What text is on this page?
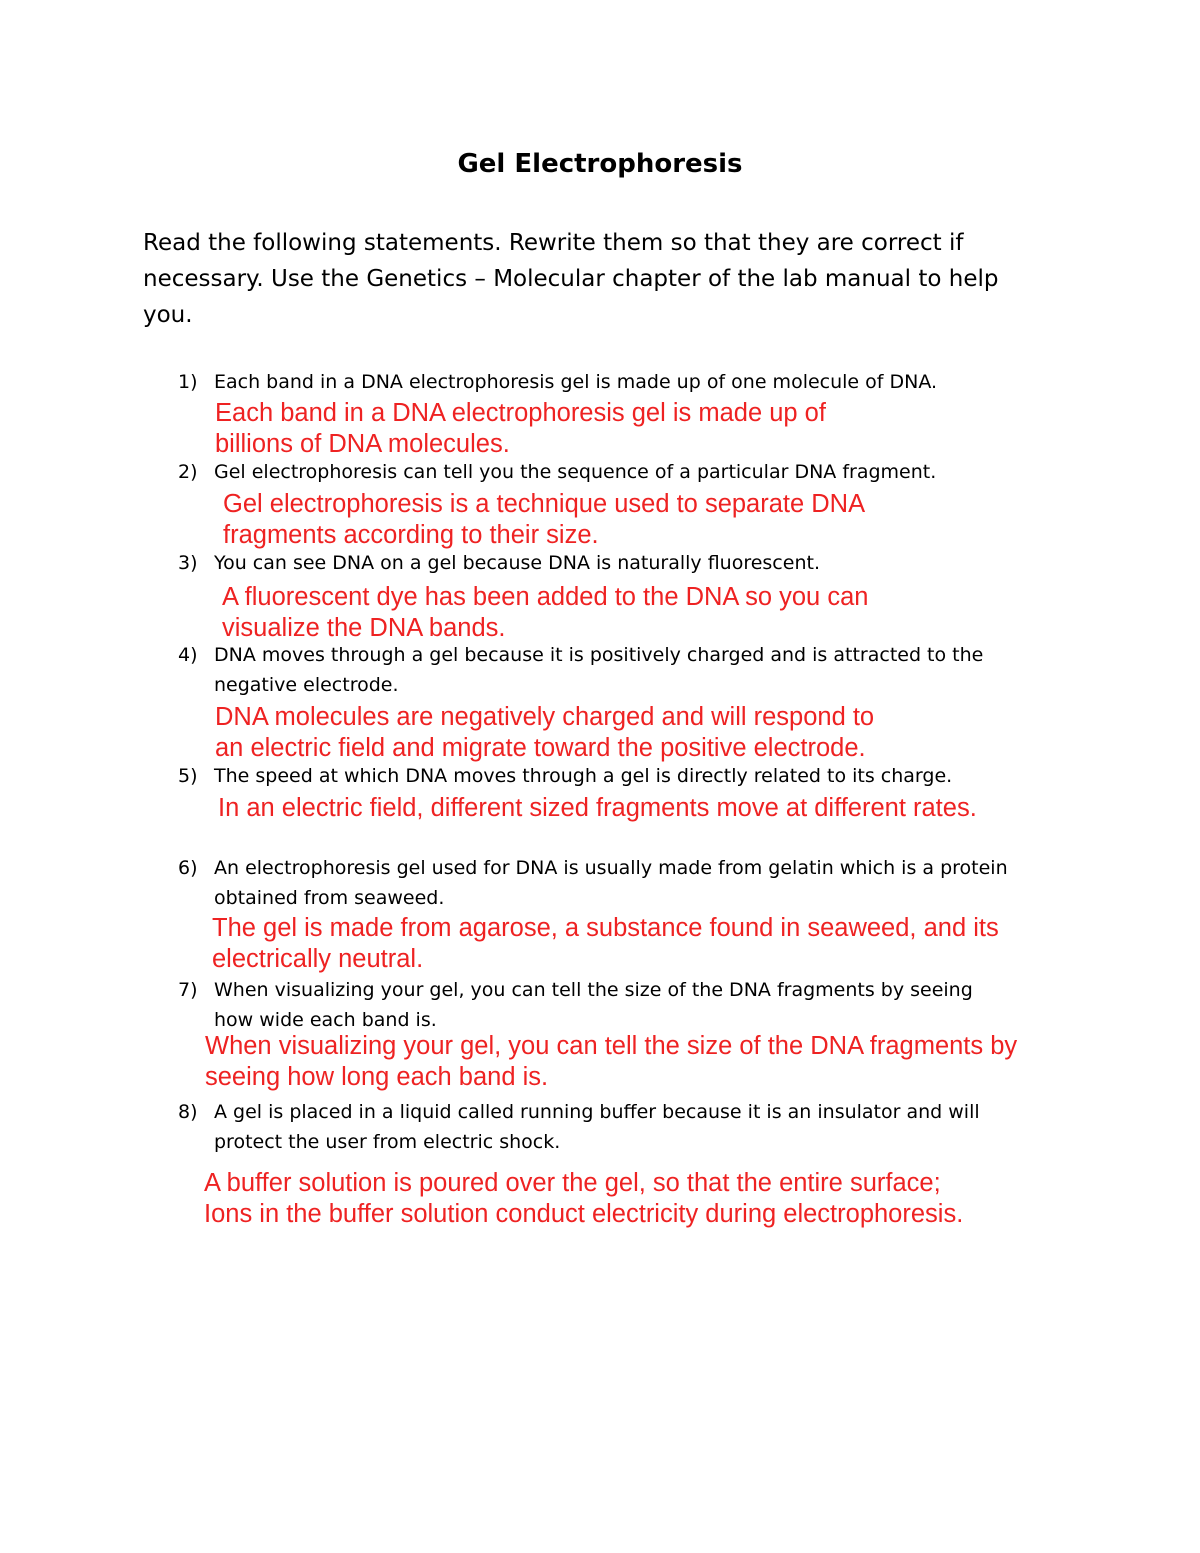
Gel Electrophoresis
Read the following statements. Rewrite them so that they are correct if necessary. Use the Genetics – Molecular chapter of the lab manual to help you.
1) Each band in a DNA electrophoresis gel is made up of one molecule of DNA.
Each band in a DNA electrophoresis gel is made up of
billions of DNA molecules.
2) Gel electrophoresis can tell you the sequence of a particular DNA fragment.
Gel electrophoresis is a technique used to separate DNA
fragments according to their size.
3) You can see DNA on a gel because DNA is naturally fluorescent.
A fluorescent dye has been added to the DNA so you can
visualize the DNA bands.
4) DNA moves through a gel because it is positively charged and is attracted to the
negative electrode.
DNA molecules are negatively charged and will respond to
an electric field and migrate toward the positive electrode.
5) The speed at which DNA moves through a gel is directly related to its charge.
In an electric field, different sized fragments move at different rates.
6) An electrophoresis gel used for DNA is usually made from gelatin which is a protein
obtained from seaweed.
The gel is made from agarose, a substance found in seaweed, and its
electrically neutral.
7) When visualizing your gel, you can tell the size of the DNA fragments by seeing
how wide each band is.
When visualizing your gel, you can tell the size of the DNA fragments by
seeing how long each band is.
8) A gel is placed in a liquid called running buffer because it is an insulator and will
protect the user from electric shock.
A buffer solution is poured over the gel, so that the entire surface;
Ions in the buffer solution conduct electricity during electrophoresis.
